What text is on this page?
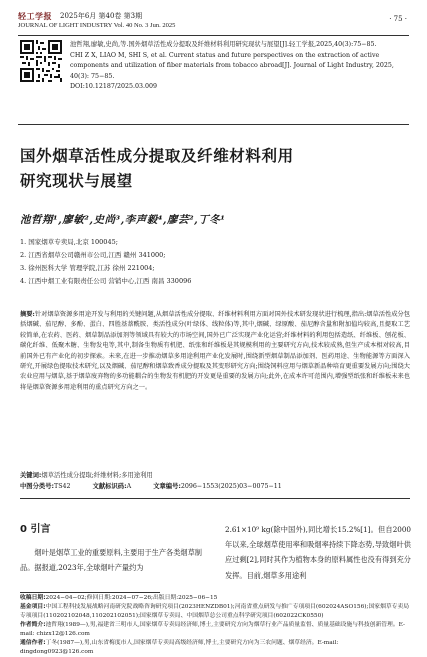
轻工学报 2025年6月 第40卷 第3期
JOURNAL OF LIGHT INDUSTRY Vol. 40 No. 3 Jun. 2025
· 75 ·

池哲翔,廖敏,史尚,等.国外烟草活性成分提取及纤维材料利用研究现状与展望[J].轻工学报,2025,40(3):75−85.

CHI Z X, LIAO M, SHI S, et al. Current status and future perspectives on the extraction of active components and utilization of fiber materials from tobacco abroad[J]. Journal of Light Industry, 2025, 40(3): 75−85.

DOI:10.12187/2025.03.009

国外烟草活性成分提取及纤维材料利用
研究现状与展望
池哲翔¹,廖敏²,史尚³,李声毅⁴,廖芸²,丁冬¹

1. 国家烟草专卖局,北京 100045;

2. 江西省烟草公司赣州市公司,江西 赣州 341000;

3. 徐州医科大学 管理学院,江苏 徐州 221004;

4. 江西中烟工业有限责任公司 营销中心,江西 南昌 330096

摘要:针对烟草资源多用途开发与利用的关键问题,从烟草活性成分提取、纤维材料利用方面对国外技术研发现状进行梳理,指出:烟草活性成分包括烟碱、茄尼醇、多酚、蛋白、四胜基萘酰胺、类活性成分(叶绿体、线粒体)等,其中,烟碱、绿原酸、茄尼醇含量和附加值均较高,且提取工艺较简单,在农药、医药、烟草制品添加剂等领域具有较大的市场空间,国外已广泛实现产业化运营;纤维材料的利用包括造纸、纤维板、刨花板、碳化纤维、低聚木糖、生物发电等,其中,制备生物质有机肥、纸张和纤维板是其规模利用的主要研究方向,技术较成熟,但生产成本相对较高,目前国外已有产业化的初步探索。未来,在进一步推动烟草多用途利用产业化发展时,围绕新型烟草制品添加剂、医药用途、生物能源等方面深入研究,开展绿色提取技术研究,以及烟碱、茄尼醇和烟草致香成分提取及其变形研究方向;围绕饲料应用与烟草新品种培育更重要发展方向;围绕大农业应用与烟草,基于烟草废弃物的多功能耦合的生物发有机肥的开发更是重要的发展方向;此外,在成本许可范围内,增强型纸张和纤维板未来也将是烟草资源多用途利用的重点研究方向之一。

关键词:烟草活性成分提取;纤维材料;多用途利用

中图分类号:TS42	文献标识码:A	文章编号:2096−1553(2025)03−0075−11

0 引言

烟叶是烟草工业的重要原料,主要用于生产各类烟草制品。据报道,2023年,全球烟叶产量约为

2.61×10⁹ kg(除中国外),同比增长15.2%[1]。但自2000年以来,全球烟草使用率和吸烟率持续下降态势,导致烟叶供应过剩[2],同时其作为植物本身的原料属性也没有得到充分发挥。目前,烟草多用途利

收稿日期:2024−04−02;修回日期:2024−07−26;出版日期:2025−06−15

基金项目:中国工程科技发展战略河南研究院战略咨询研究项目(2023HENZDB01);河南省重点研发与推广专项项目(602024ASO156);国家烟草专卖局专项项目(110202102048,110202102051);国家烟草专卖局、中国烟草总公司重点科学研究项目(602022CK0550)

作者简介:池哲翔(1989—),男,福建省三明市人,国家烟草专卖局经济师,博士,主要研究方向为烟草行业产品质量监督、质量基础设施与科技创新管理。E-mail: chizx12@126.com

通信作者:丁冬(1987—),男,山东省梅度市人,国家烟草专卖局高级经济师,博士,主要研究方向为三农问题、烟草经济。E-mail: dingdong0923@126.com
